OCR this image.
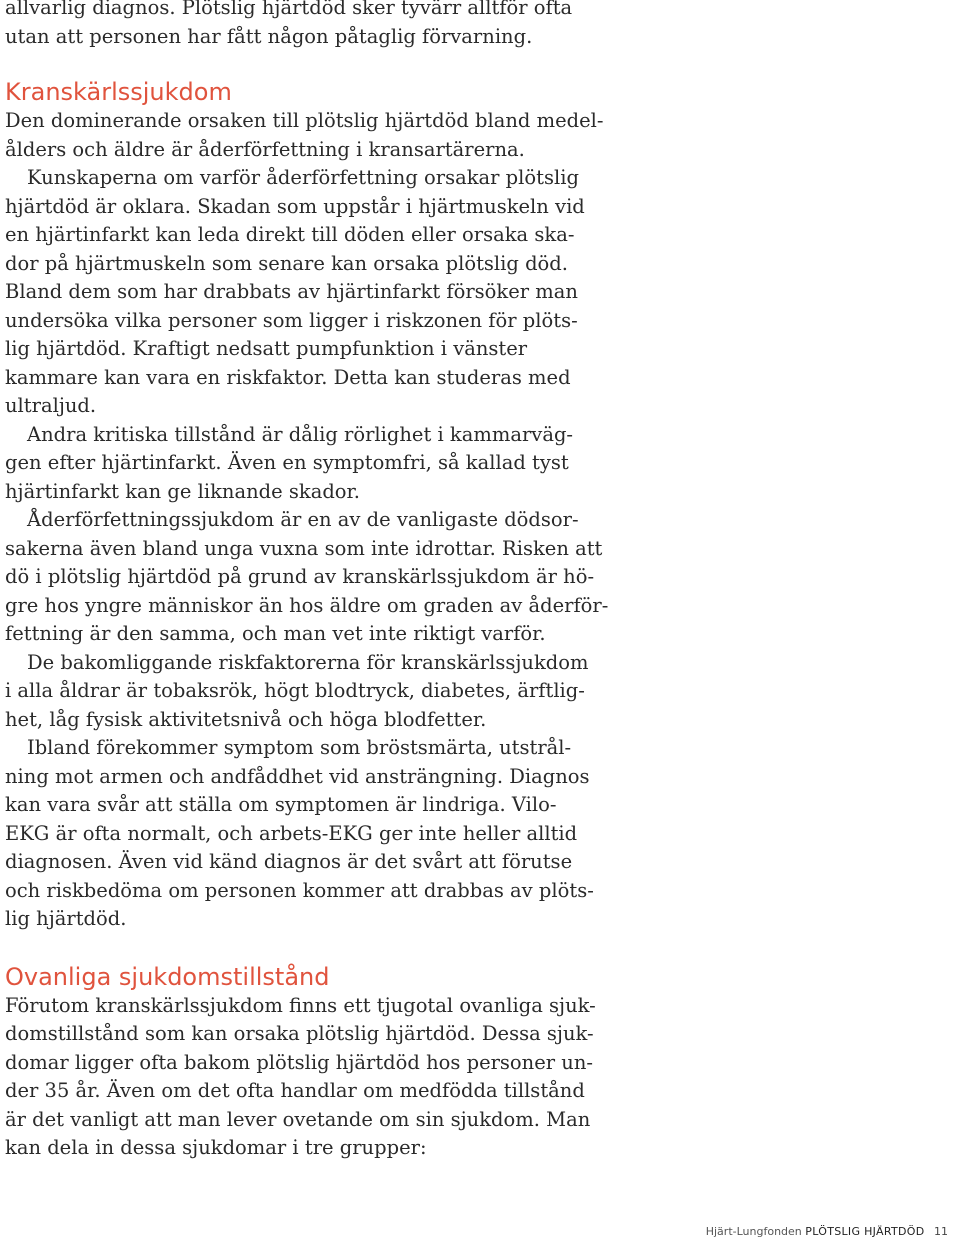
allvarlig diagnos. Plötslig hjärtdöd sker tyvärr alltför ofta
utan att personen har fått någon påtaglig förvarning.
Kranskärlssjukdom
Den dominerande orsaken till plötslig hjärtdöd bland medel-
ålders och äldre är åderförfettning i kransartärerna.
Kunskaperna om varför åderförfettning orsakar plötslig
hjärtdöd är oklara. Skadan som uppstår i hjärtmuskeln vid
en hjärtinfarkt kan leda direkt till döden eller orsaka ska-
dor på hjärtmuskeln som senare kan orsaka plötslig död.
Bland dem som har drabbats av hjärtinfarkt försöker man
undersöka vilka personer som ligger i riskzonen för plöts-
lig hjärtdöd. Kraftigt nedsatt pumpfunktion i vänster
kammare kan vara en riskfaktor. Detta kan studeras med
ultraljud.
Andra kritiska tillstånd är dålig rörlighet i kammarväg-
gen efter hjärtinfarkt. Även en symptomfri, så kallad tyst
hjärtinfarkt kan ge liknande skador.
Åderförfettningssjukdom är en av de vanligaste dödsor-
sakerna även bland unga vuxna som inte idrottar. Risken att
dö i plötslig hjärtdöd på grund av kranskärlssjukdom är hö-
gre hos yngre människor än hos äldre om graden av åderför-
fettning är den samma, och man vet inte riktigt varför.
De bakomliggande riskfaktorerna för kranskärlssjukdom
i alla åldrar är tobaksrök, högt blodtryck, diabetes, ärftlig-
het, låg fysisk aktivitetsnivå och höga blodfetter.
Ibland förekommer symptom som bröstsmärta, utstrål-
ning mot armen och andfåddhet vid ansträngning. Diagnos
kan vara svår att ställa om symptomen är lindriga. Vilo-
EKG är ofta normalt, och arbets-EKG ger inte heller alltid
diagnosen. Även vid känd diagnos är det svårt att förutse
och riskbedöma om personen kommer att drabbas av plöts-
lig hjärtdöd.
Ovanliga sjukdomstillstånd
Förutom kranskärlssjukdom finns ett tjugotal ovanliga sjuk-
domstillstånd som kan orsaka plötslig hjärtdöd. Dessa sjuk-
domar ligger ofta bakom plötslig hjärtdöd hos personer un-
der 35 år. Även om det ofta handlar om medfödda tillstånd
är det vanligt att man lever ovetande om sin sjukdom. Man
kan dela in dessa sjukdomar i tre grupper:
Hjärt-Lungfonden PLÖTSLIG HJÄRTDÖD 11
